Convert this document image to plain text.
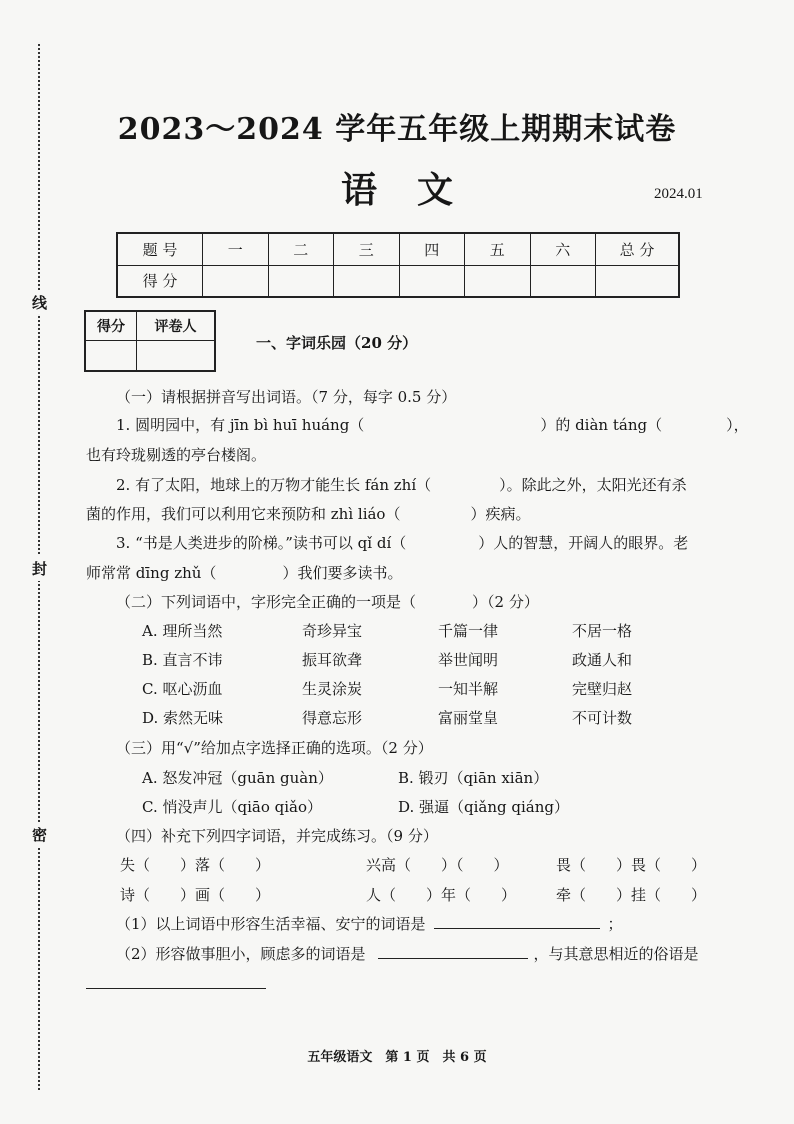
线
封
密
2023～2024 学年五年级上期期末试卷
语文	2024.01
题 号	一	二	三	四	五	六	总 分
得 分							
得分	评卷人

一、字词乐园（20 分）
（一）请根据拼音写出词语。（7 分，每字 0.5 分）
1. 圆明园中，有 jīn bì huī huáng（	）的 diàn táng（	），
也有玲珑剔透的亭台楼阁。
2. 有了太阳，地球上的万物才能生长 fán zhí（	）。除此之外，太阳光还有杀
菌的作用，我们可以利用它来预防和 zhì liáo（	）疾病。
3. “书是人类进步的阶梯。”读书可以 qǐ dí（	）人的智慧，开阔人的眼界。老
师常常 dīng zhǔ（	）我们要多读书。
（二）下列词语中，字形完全正确的一项是（	）（2 分）
A. 理所当然	奇珍异宝	千篇一律	不居一格
B. 直言不讳	振耳欲聋	举世闻明	政通人和
C. 呕心沥血	生灵涂炭	一知半解	完壁归赵
D. 索然无味	得意忘形	富丽堂皇	不可计数
（三）用“√”给加点字选择正确的选项。（2 分）
A. 怒发冲冠（guān guàn）	B. 锻刃（qiān xiān）
C. 悄没声儿（qiāo qiǎo）	D. 强逼（qiǎng qiáng）
（四）补充下列四字词语，并完成练习。（9 分）
失（　　）落（　　）	兴高（　　）（　　）	畏（　　）畏（　　）
诗（　　）画（　　）	人（　　）年（　　）	牵（　　）挂（　　）
（1）以上词语中形容生活幸福、安宁的词语是	；
（2）形容做事胆小，顾虑多的词语是	，与其意思相近的俗语是
五年级语文　第 1 页　共 6 页
